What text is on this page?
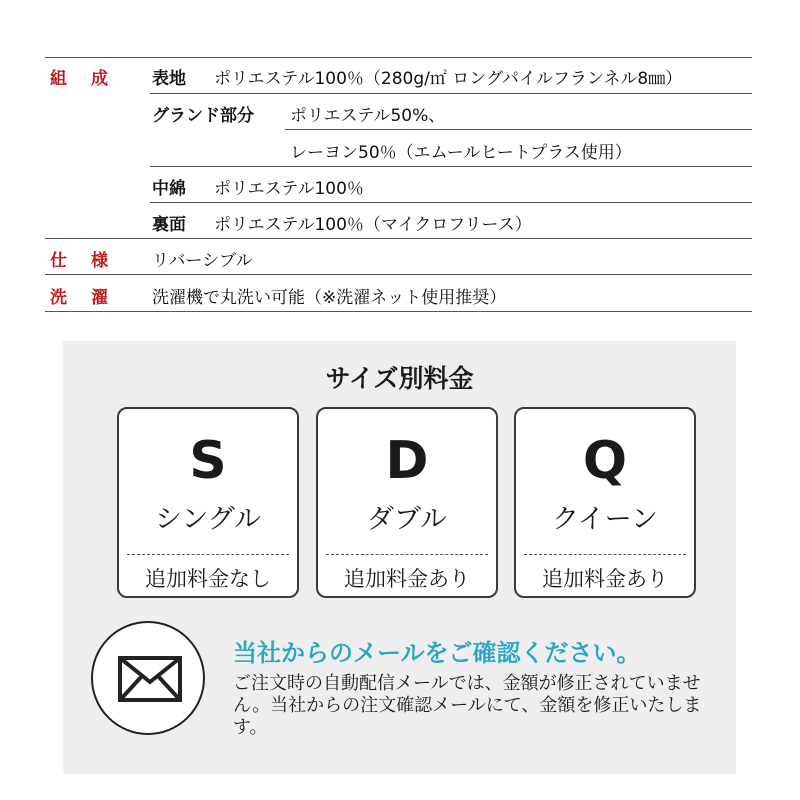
組成 表地 ポリエステル100％（280g/㎡ ロングパイルフランネル8㎜）
グランド部分 ポリエステル50%、
レーヨン50％（エムールヒートプラス使用）
中綿 ポリエステル100％
裏面 ポリエステル100％（マイクロフリース）
仕様 リバーシブル
洗濯 洗濯機で丸洗い可能（※洗濯ネット使用推奨）
サイズ別料金
S
シングル
追加料金なし
D
ダブル
追加料金あり
Q
クイーン
追加料金あり
当社からのメールをご確認ください。
ご注文時の自動配信メールでは、金額が修正されていません。当社からの注文確認メールにて、金額を修正いたします。
